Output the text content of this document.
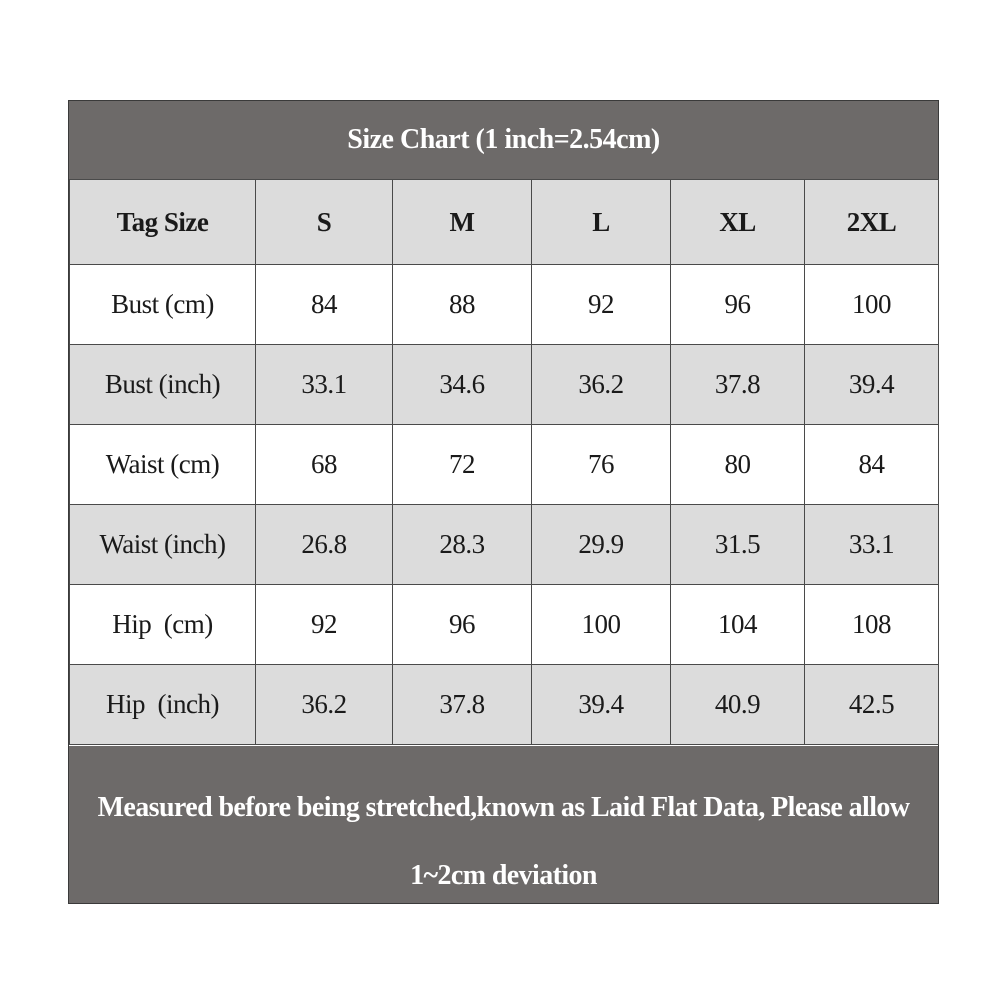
Size Chart (1 inch=2.54cm)
Tag Size	S	M	L	XL	2XL
Bust (cm)	84	88	92	96	100
Bust (inch)	33.1	34.6	36.2	37.8	39.4
Waist (cm)	68	72	76	80	84
Waist (inch)	26.8	28.3	29.9	31.5	33.1
Hip  (cm)	92	96	100	104	108
Hip  (inch)	36.2	37.8	39.4	40.9	42.5
Measured before being stretched,known as Laid Flat Data, Please allow
1~2cm deviation
